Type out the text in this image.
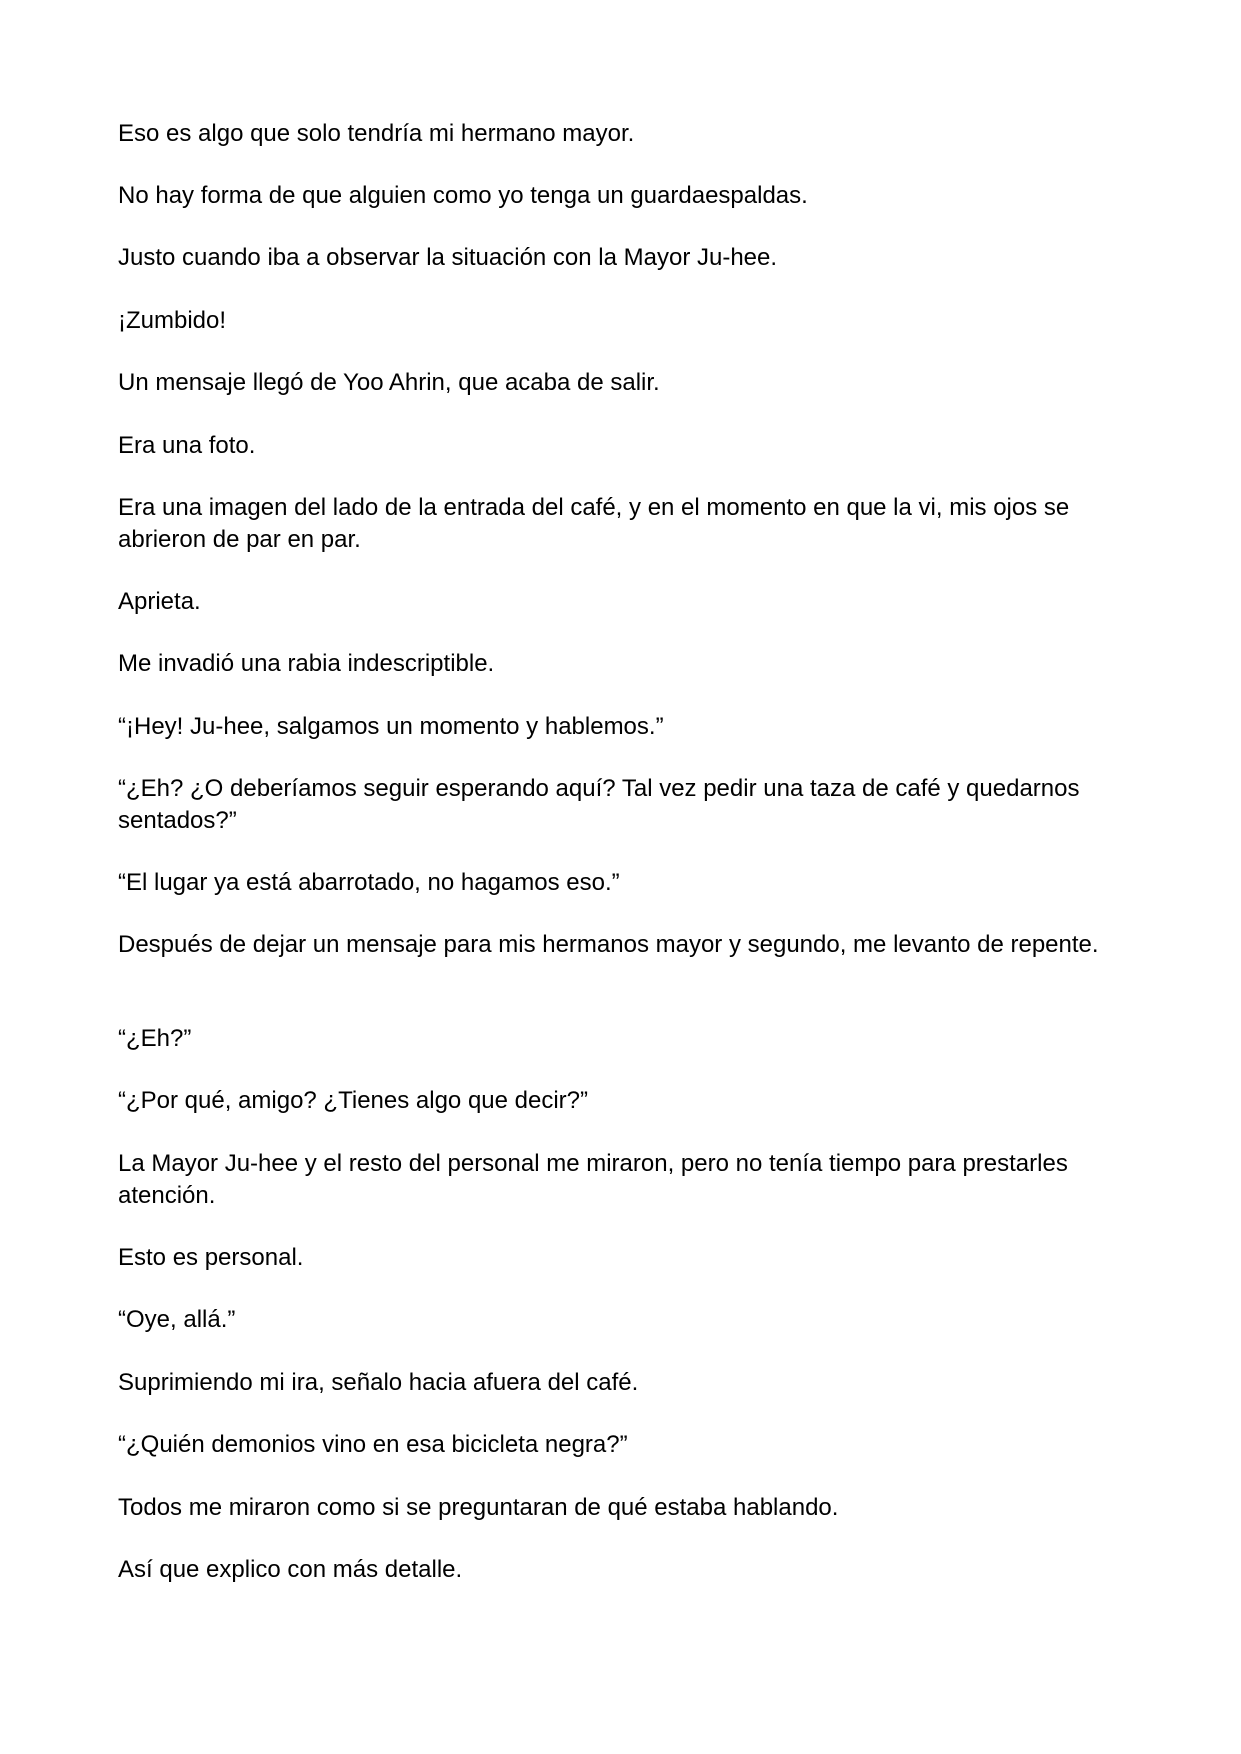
Eso es algo que solo tendría mi hermano mayor.

No hay forma de que alguien como yo tenga un guardaespaldas.

Justo cuando iba a observar la situación con la Mayor Ju-hee.

¡Zumbido!

Un mensaje llegó de Yoo Ahrin, que acaba de salir.

Era una foto.

Era una imagen del lado de la entrada del café, y en el momento en que la vi, mis ojos se abrieron de par en par.

Aprieta.

Me invadió una rabia indescriptible.

“¡Hey! Ju-hee, salgamos un momento y hablemos.”

“¿Eh? ¿O deberíamos seguir esperando aquí? Tal vez pedir una taza de café y quedarnos sentados?”

“El lugar ya está abarrotado, no hagamos eso.”

Después de dejar un mensaje para mis hermanos mayor y segundo, me levanto de repente.

“¿Eh?”

“¿Por qué, amigo? ¿Tienes algo que decir?”

La Mayor Ju-hee y el resto del personal me miraron, pero no tenía tiempo para prestarles atención.

Esto es personal.

“Oye, allá.”

Suprimiendo mi ira, señalo hacia afuera del café.

“¿Quién demonios vino en esa bicicleta negra?”

Todos me miraron como si se preguntaran de qué estaba hablando.

Así que explico con más detalle.
